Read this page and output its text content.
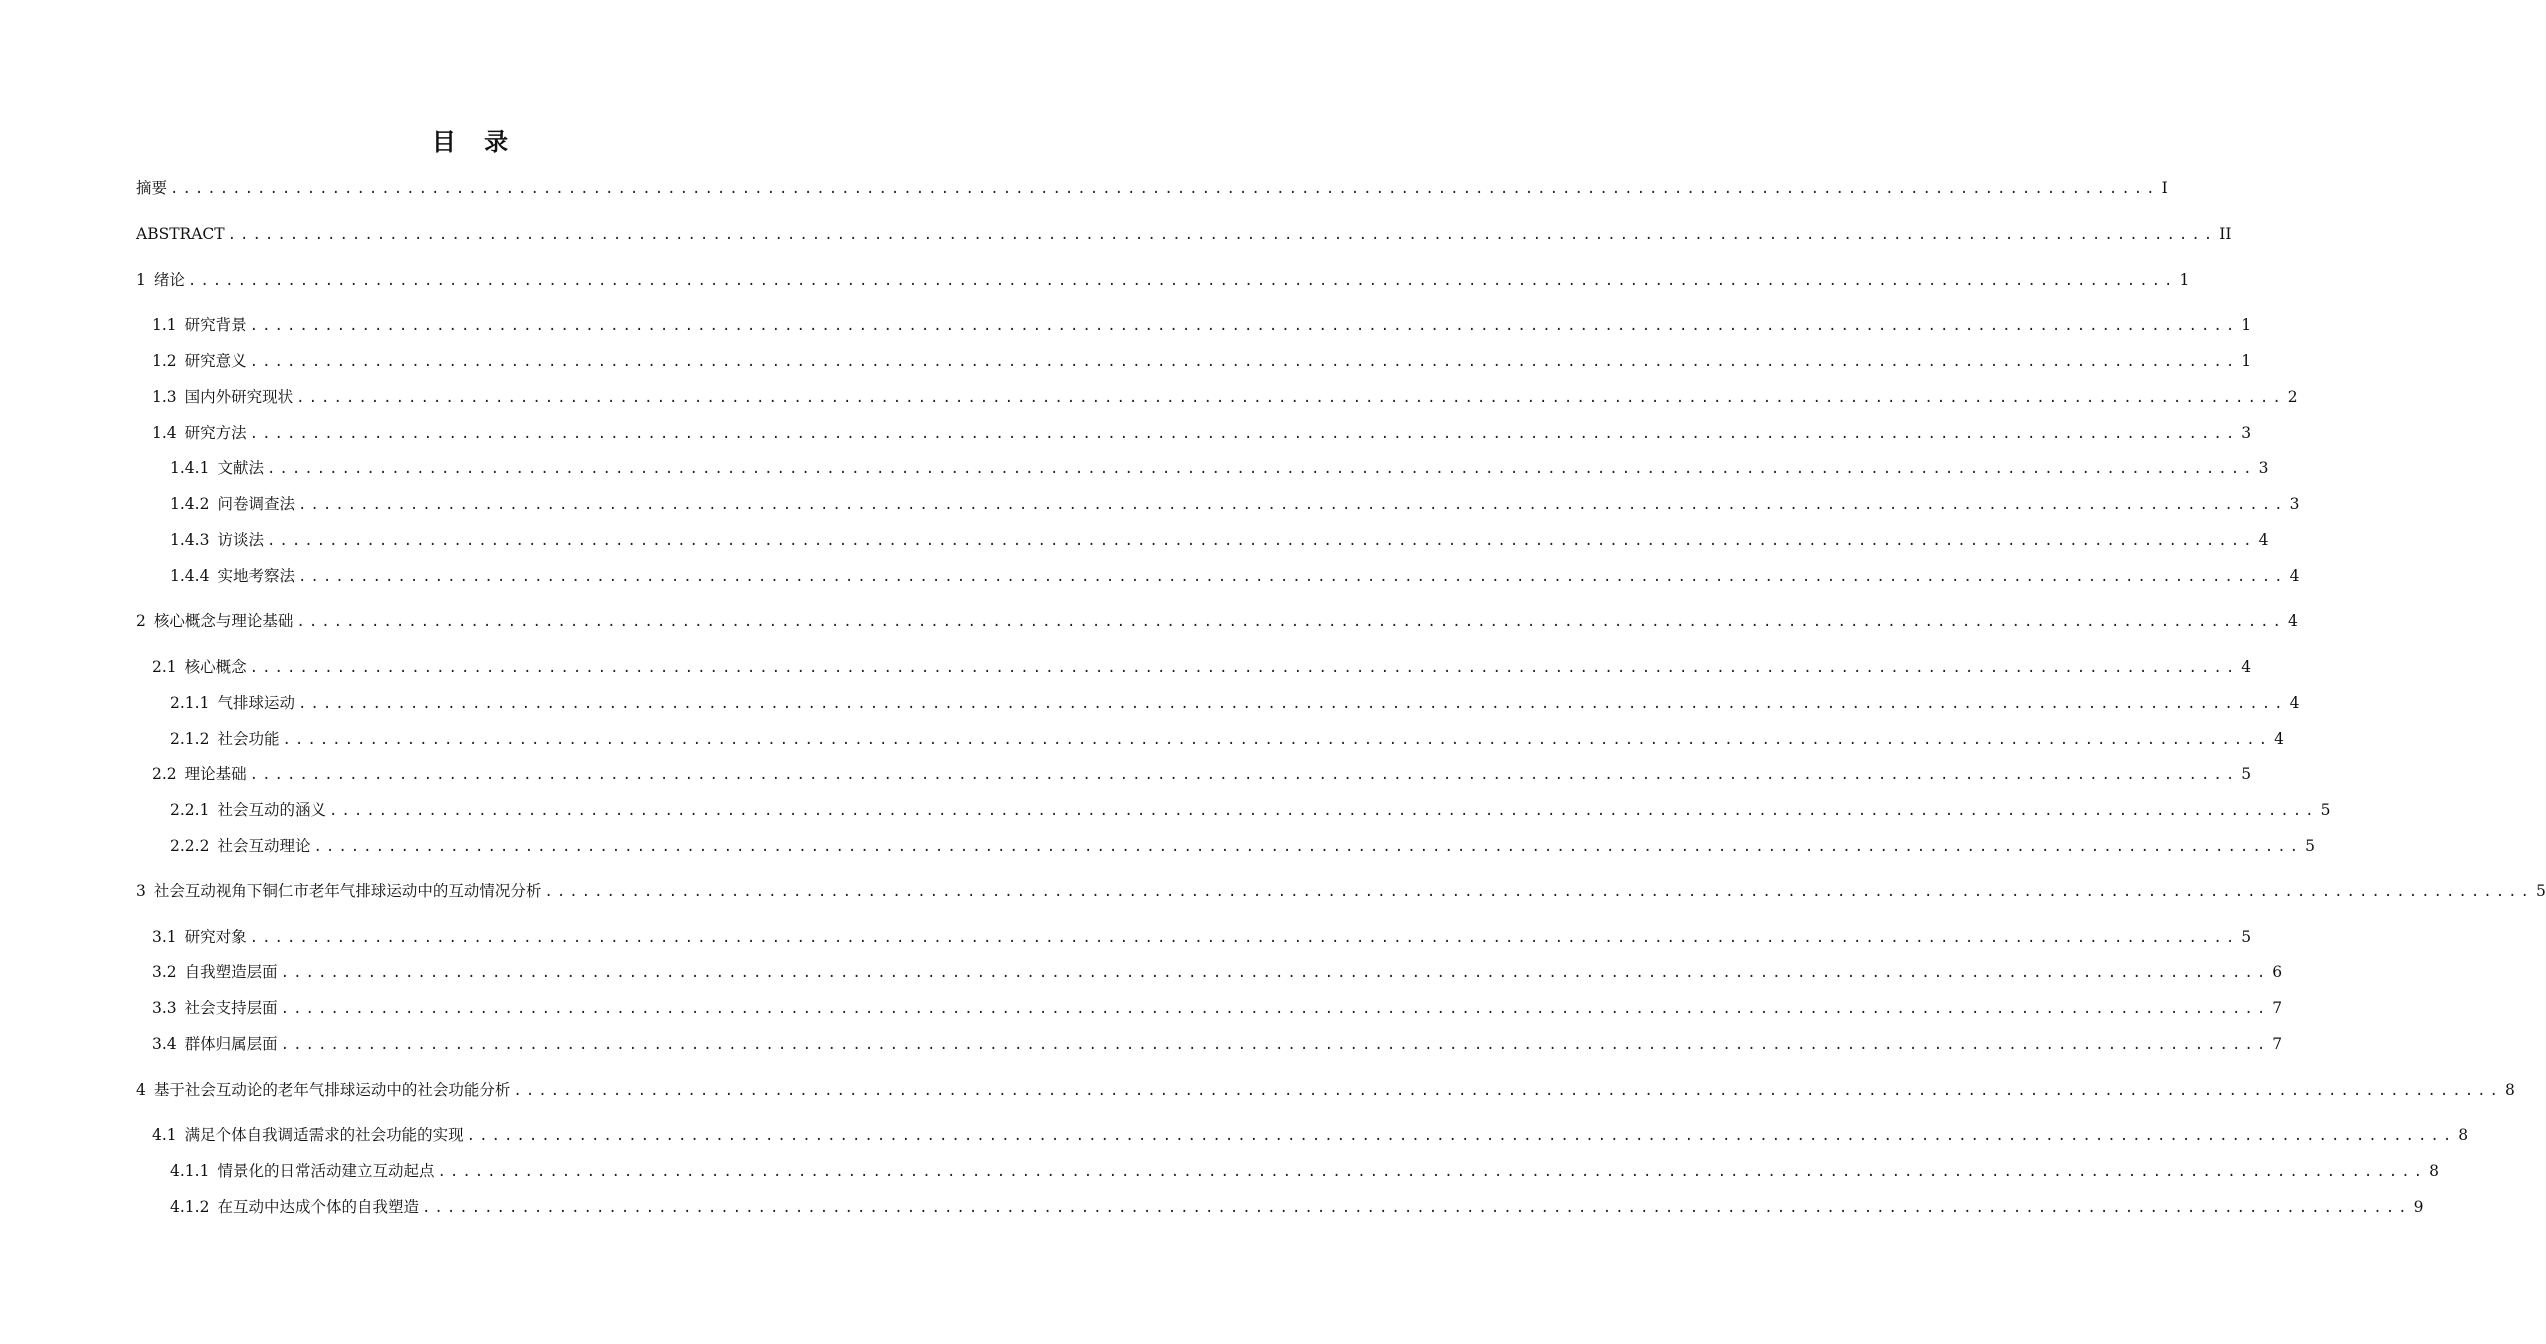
目 录
摘要 ................................................................................................................................................................ I
ABSTRACT ................................................................................................................................................................ II
1 绪论 ................................................................................................................................................................ 1
1.1 研究背景 ................................................................................................................................................................ 1
1.2 研究意义 ................................................................................................................................................................ 1
1.3 国内外研究现状 ................................................................................................................................................................ 2
1.4 研究方法 ................................................................................................................................................................ 3
1.4.1 文献法 ................................................................................................................................................................ 3
1.4.2 问卷调查法 ................................................................................................................................................................ 3
1.4.3 访谈法 ................................................................................................................................................................ 4
1.4.4 实地考察法 ................................................................................................................................................................ 4
2 核心概念与理论基础 ................................................................................................................................................................ 4
2.1 核心概念 ................................................................................................................................................................ 4
2.1.1 气排球运动 ................................................................................................................................................................ 4
2.1.2 社会功能 ................................................................................................................................................................ 4
2.2 理论基础 ................................................................................................................................................................ 5
2.2.1 社会互动的涵义 ................................................................................................................................................................ 5
2.2.2 社会互动理论 ................................................................................................................................................................ 5
3 社会互动视角下铜仁市老年气排球运动中的互动情况分析 ................................................................................................................................................................ 5
3.1 研究对象 ................................................................................................................................................................ 5
3.2 自我塑造层面 ................................................................................................................................................................ 6
3.3 社会支持层面 ................................................................................................................................................................ 7
3.4 群体归属层面 ................................................................................................................................................................ 7
4 基于社会互动论的老年气排球运动中的社会功能分析 ................................................................................................................................................................ 8
4.1 满足个体自我调适需求的社会功能的实现 ................................................................................................................................................................ 8
4.1.1 情景化的日常活动建立互动起点 ................................................................................................................................................................ 8
4.1.2 在互动中达成个体的自我塑造 ................................................................................................................................................................ 9
